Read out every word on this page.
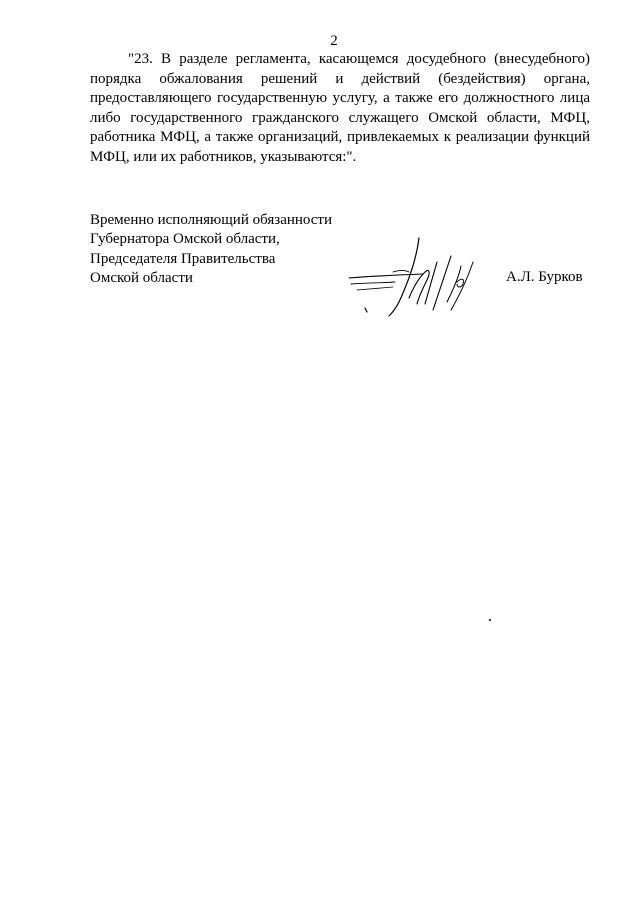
2
"23. В разделе регламента, касающемся досудебного (внесудебного)
порядка обжалования решений и действий (бездействия) органа,
предоставляющего государственную услугу, а также его должностного лица
либо государственного гражданского служащего Омской области, МФЦ,
работника МФЦ, а также организаций, привлекаемых к реализации функций
МФЦ, или их работников, указываются:".
Временно исполняющий обязанности
Губернатора Омской области,
Председателя Правительства
Омской области	А.Л. Бурков
